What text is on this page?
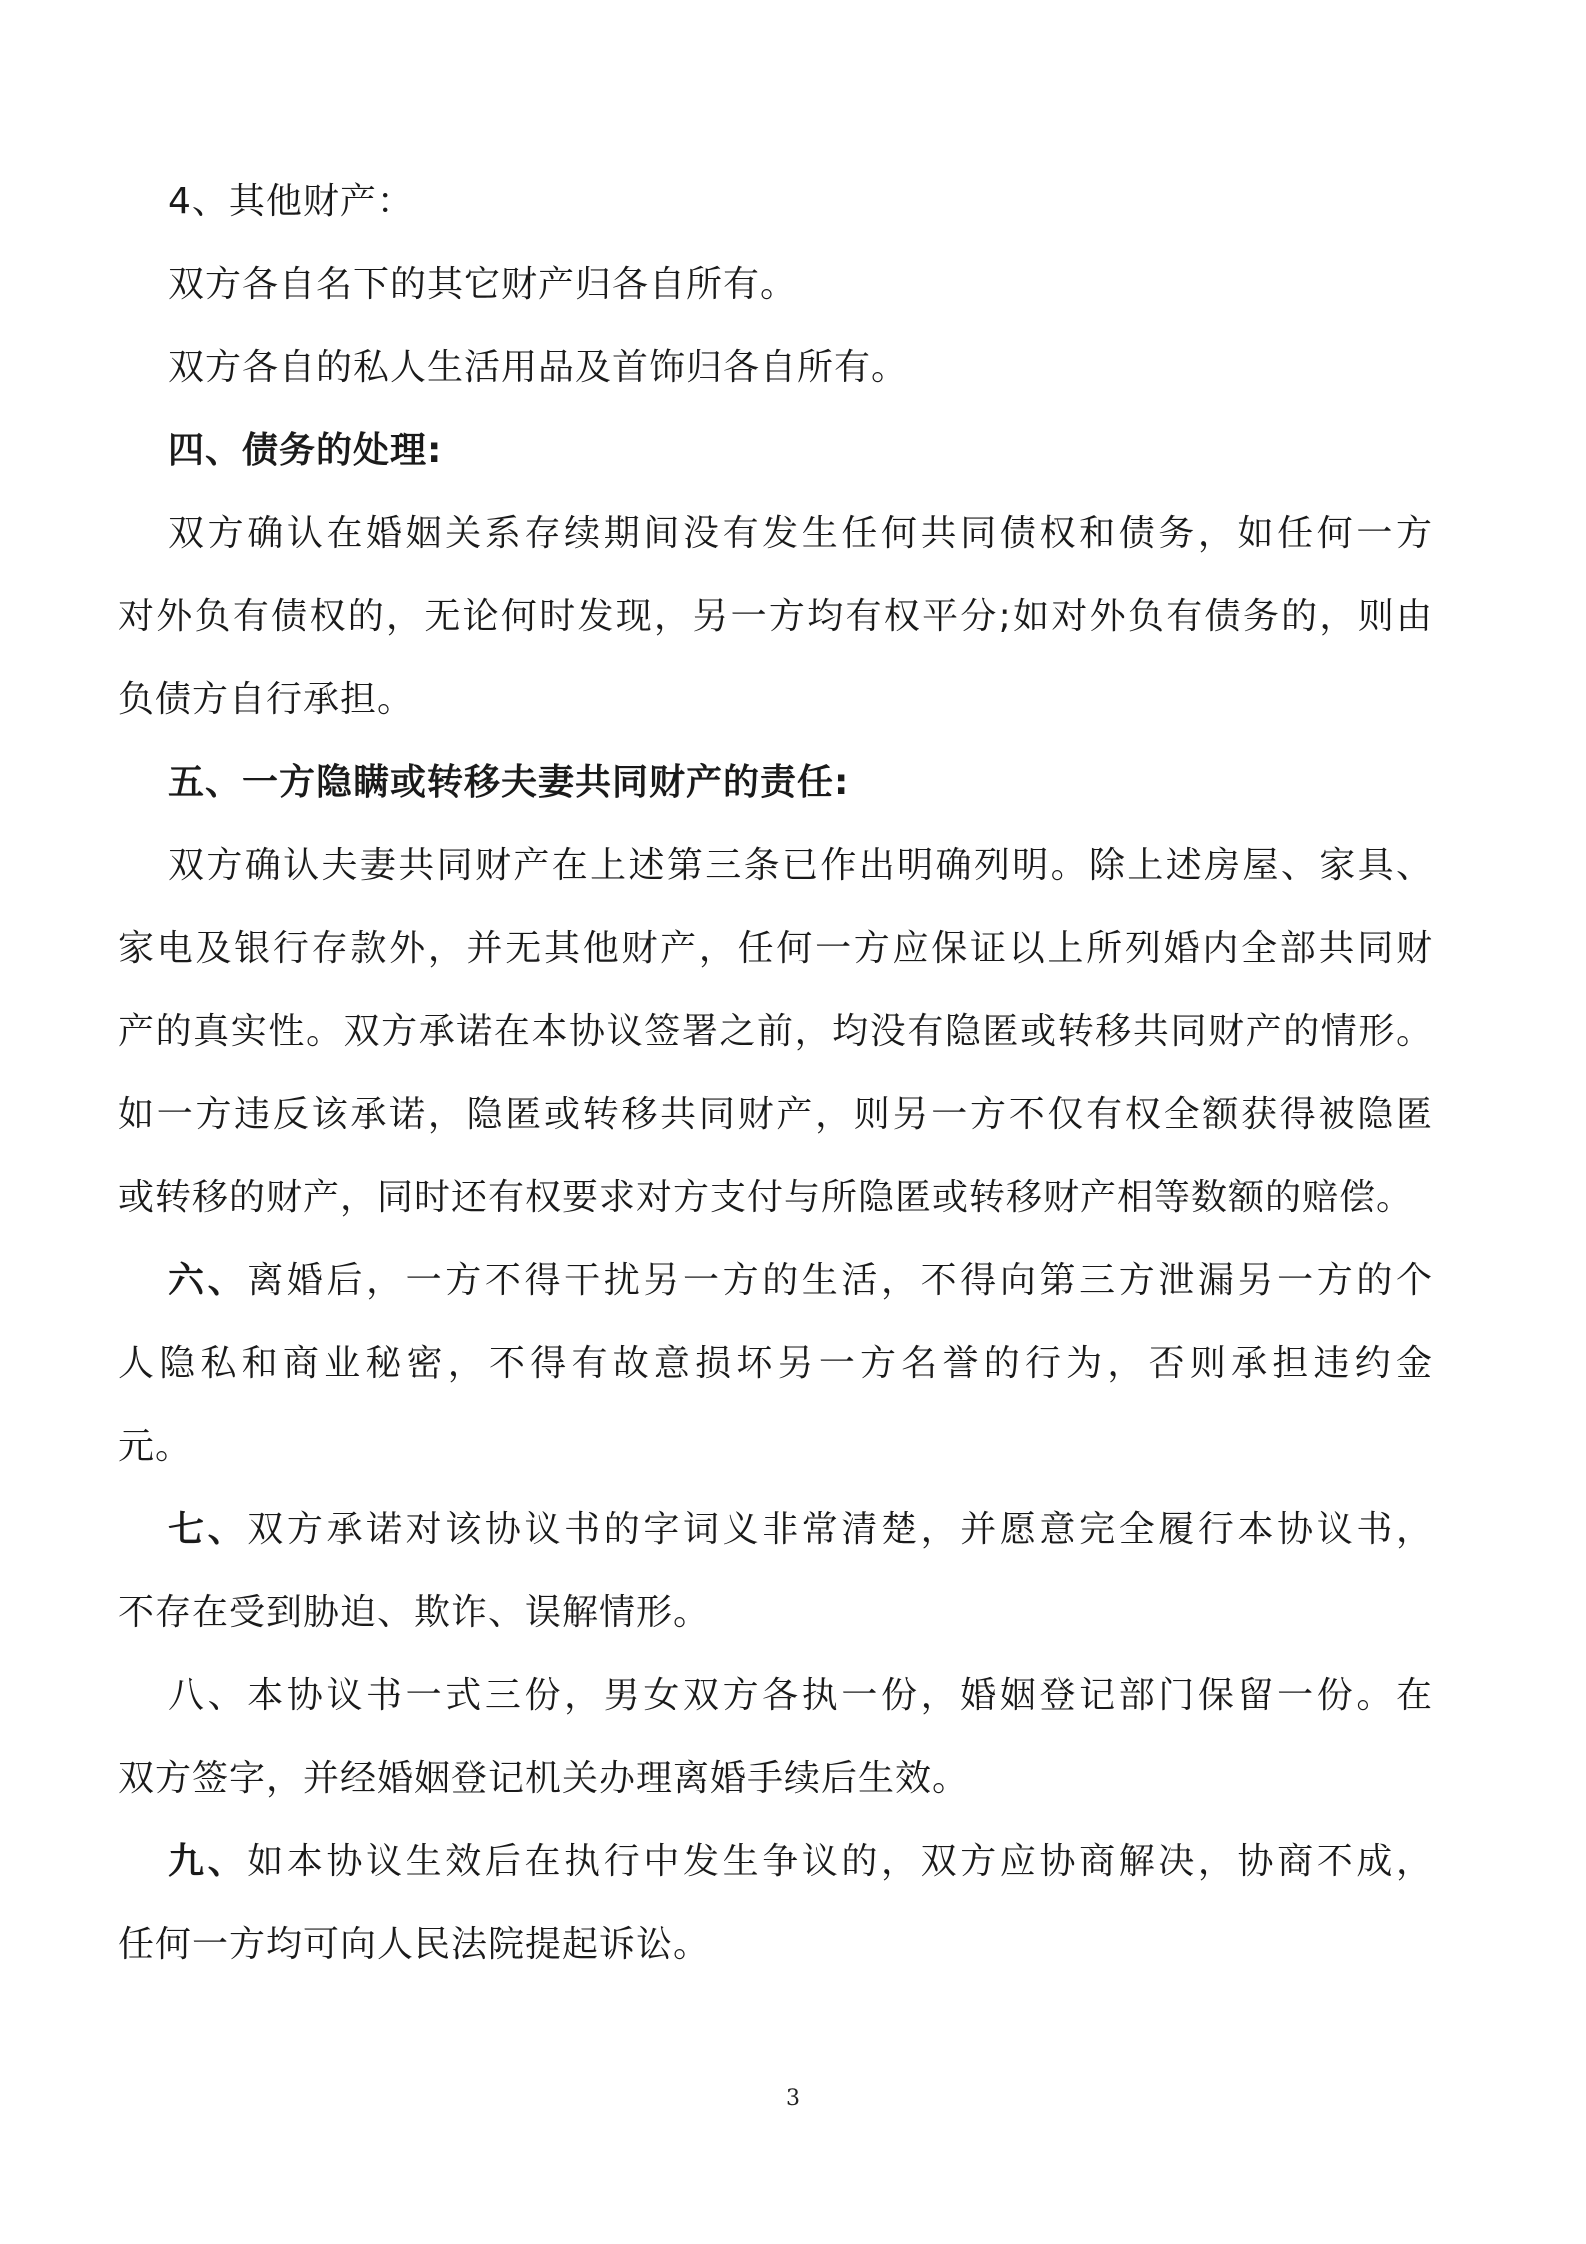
4、其他财产：
双方各自名下的其它财产归各自所有。
双方各自的私人生活用品及首饰归各自所有。
四、债务的处理:
双方确认在婚姻关系存续期间没有发生任何共同债权和债务，如任何一方
对外负有债权的，无论何时发现，另一方均有权平分;如对外负有债务的，则由
负债方自行承担。
五、一方隐瞒或转移夫妻共同财产的责任:
双方确认夫妻共同财产在上述第三条已作出明确列明。除上述房屋、家具、
家电及银行存款外，并无其他财产，任何一方应保证以上所列婚内全部共同财
产的真实性。双方承诺在本协议签署之前，均没有隐匿或转移共同财产的情形。
如一方违反该承诺，隐匿或转移共同财产，则另一方不仅有权全额获得被隐匿
或转移的财产，同时还有权要求对方支付与所隐匿或转移财产相等数额的赔偿。
六、离婚后，一方不得干扰另一方的生活，不得向第三方泄漏另一方的个
人隐私和商业秘密，不得有故意损坏另一方名誉的行为，否则承担违约金
元。
七、双方承诺对该协议书的字词义非常清楚，并愿意完全履行本协议书，
不存在受到胁迫、欺诈、误解情形。
八、本协议书一式三份，男女双方各执一份，婚姻登记部门保留一份。在
双方签字，并经婚姻登记机关办理离婚手续后生效。
九、如本协议生效后在执行中发生争议的，双方应协商解决，协商不成，
任何一方均可向人民法院提起诉讼。
3
